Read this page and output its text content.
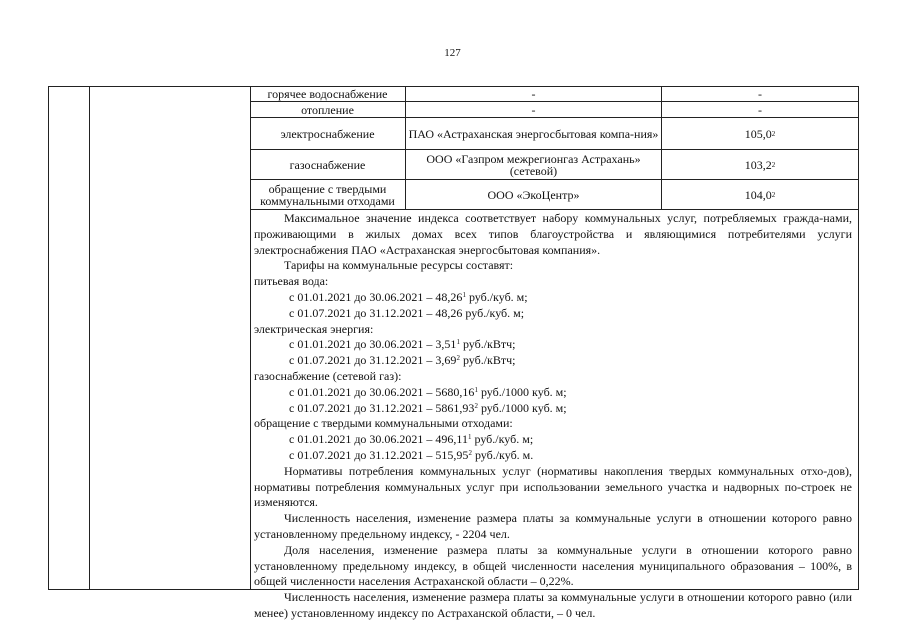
127
горячее водоснабжение	-	-
отопление	-	-
электроснабжение	ПАО «Астраханская энергосбытовая компа-ния»	105,0 2
газоснабжение	ООО «Газпром межрегионгаз Астрахань» (сетевой)	103,2 2
обращение с твердыми коммунальными отходами	ООО «ЭкоЦентр»	104,0 2

Максимальное значение индекса соответствует набору коммунальных услуг, потребляемых гражда-нами, проживающими в жилых домах всех типов благоустройства и являющимися потребителями услуги электроснабжения ПАО «Астраханская энергосбытовая компания».

Тарифы на коммунальные ресурсы составят:

питьевая вода:

с 01.01.2021 до 30.06.2021 – 48,26$^1$ руб./куб. м;

с 01.07.2021 до 31.12.2021 – 48,26 руб./куб. м;

электрическая энергия:

с 01.01.2021 до 30.06.2021 – 3,51$^1$ руб./кВтч;

с 01.07.2021 до 31.12.2021 – 3,69$^2$ руб./кВтч;

газоснабжение (сетевой газ):

с 01.01.2021 до 30.06.2021 – 5680,16$^1$ руб./1000 куб. м;

с 01.07.2021 до 31.12.2021 – 5861,93$^2$ руб./1000 куб. м;

обращение с твердыми коммунальными отходами:

с 01.01.2021 до 30.06.2021 – 496,11$^1$ руб./куб. м;

с 01.07.2021 до 31.12.2021 – 515,95$^2$ руб./куб. м.

Нормативы потребления коммунальных услуг (нормативы накопления твердых коммунальных отхо-дов), нормативы потребления коммунальных услуг при использовании земельного участка и надворных по-строек не изменяются.

Численность населения, изменение размера платы за коммунальные услуги в отношении которого равно установленному предельному индексу, - 2204 чел.

Доля населения, изменение размера платы за коммунальные услуги в отношении которого равно установленному предельному индексу, в общей численности населения муниципального образования – 100%, в общей численности населения Астраханской области – 0,22%.

Численность населения, изменение размера платы за коммунальные услуги в отношении которого равно (или менее) установленному индексу по Астраханской области, – 0 чел.
